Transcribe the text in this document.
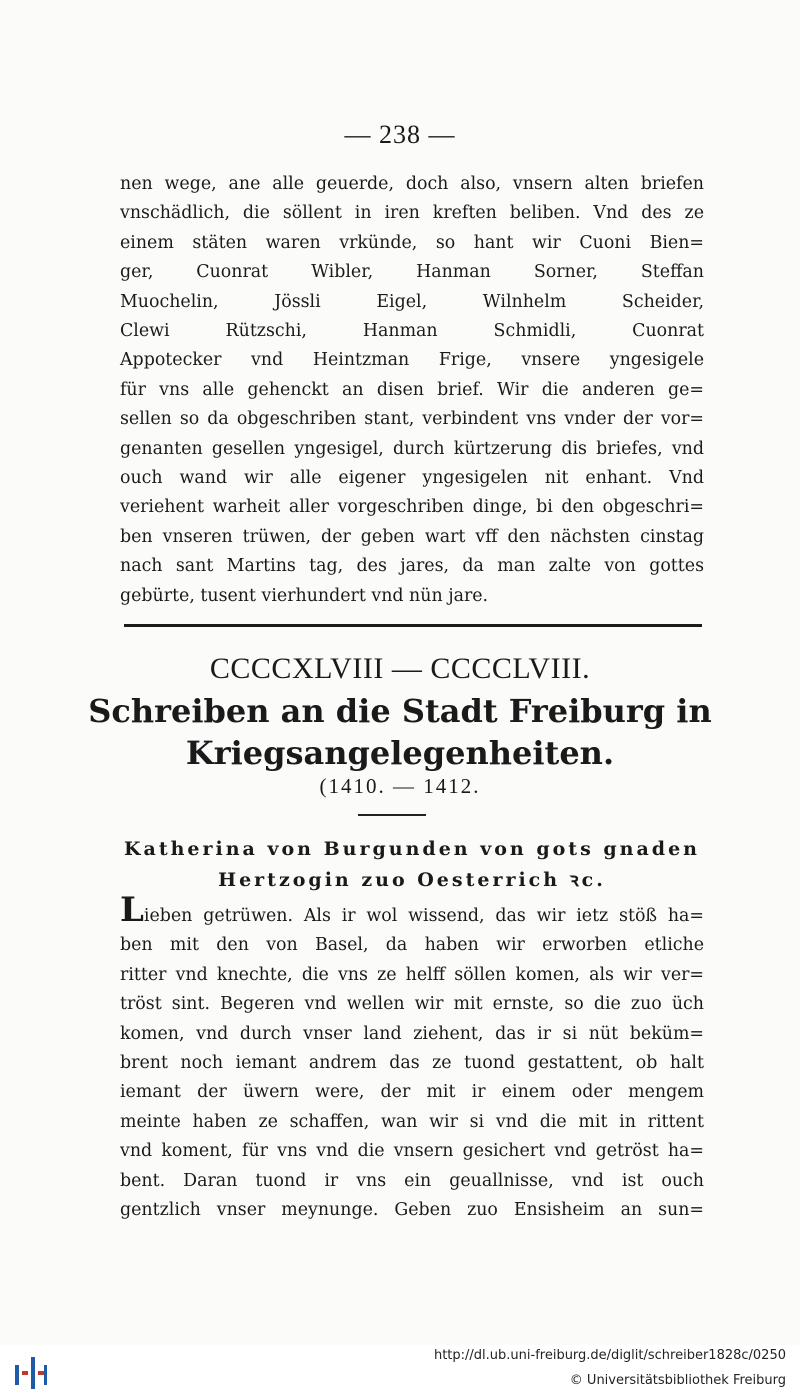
— 238 —
nen wege, ane alle geuerde, doch also, vnsern alten briefen
vnschädlich, die söllent in iren kreften beliben. Vnd des ze
einem stäten waren vrkünde, so hant wir Cuoni Bien=
ger, Cuonrat Wibler, Hanman Sorner, Steffan
Muochelin, Jössli Eigel, Wilnhelm Scheider,
Clewi Rützschi, Hanman Schmidli, Cuonrat
Appotecker vnd Heintzman Frige, vnsere yngesigele
für vns alle gehenckt an disen brief. Wir die anderen ge=
sellen so da obgeschriben stant, verbindent vns vnder der vor=
genanten gesellen yngesigel, durch kürtzerung dis briefes, vnd
ouch wand wir alle eigener yngesigelen nit enhant. Vnd
veriehent warheit aller vorgeschriben dinge, bi den obgeschri=
ben vnseren trüwen, der geben wart vff den nächsten cinstag
nach sant Martins tag, des jares, da man zalte von gottes
gebürte, tusent vierhundert vnd nün jare.
CCCCXLVIII — CCCCLVIII.
Schreiben an die Stadt Freiburg in
Kriegsangelegenheiten.
(1410. — 1412.
Katherina von Burgunden von gots gnaden
Hertzogin zuo Oesterrich ꝛc.
Lieben getrüwen. Als ir wol wissend, das wir ietz stöß ha=
ben mit den von Basel, da haben wir erworben etliche
ritter vnd knechte, die vns ze helff söllen komen, als wir ver=
tröst sint. Begeren vnd wellen wir mit ernste, so die zuo üch
komen, vnd durch vnser land ziehent, das ir si nüt beküm=
brent noch iemant andrem das ze tuond gestattent, ob halt
iemant der üwern were, der mit ir einem oder mengem
meinte haben ze schaffen, wan wir si vnd die mit in rittent
vnd koment, für vns vnd die vnsern gesichert vnd getröst ha=
bent. Daran tuond ir vns ein geuallnisse, vnd ist ouch
gentzlich vnser meynunge. Geben zuo Ensisheim an sun=
http://dl.ub.uni-freiburg.de/diglit/schreiber1828c/0250
© Universitätsbibliothek Freiburg
